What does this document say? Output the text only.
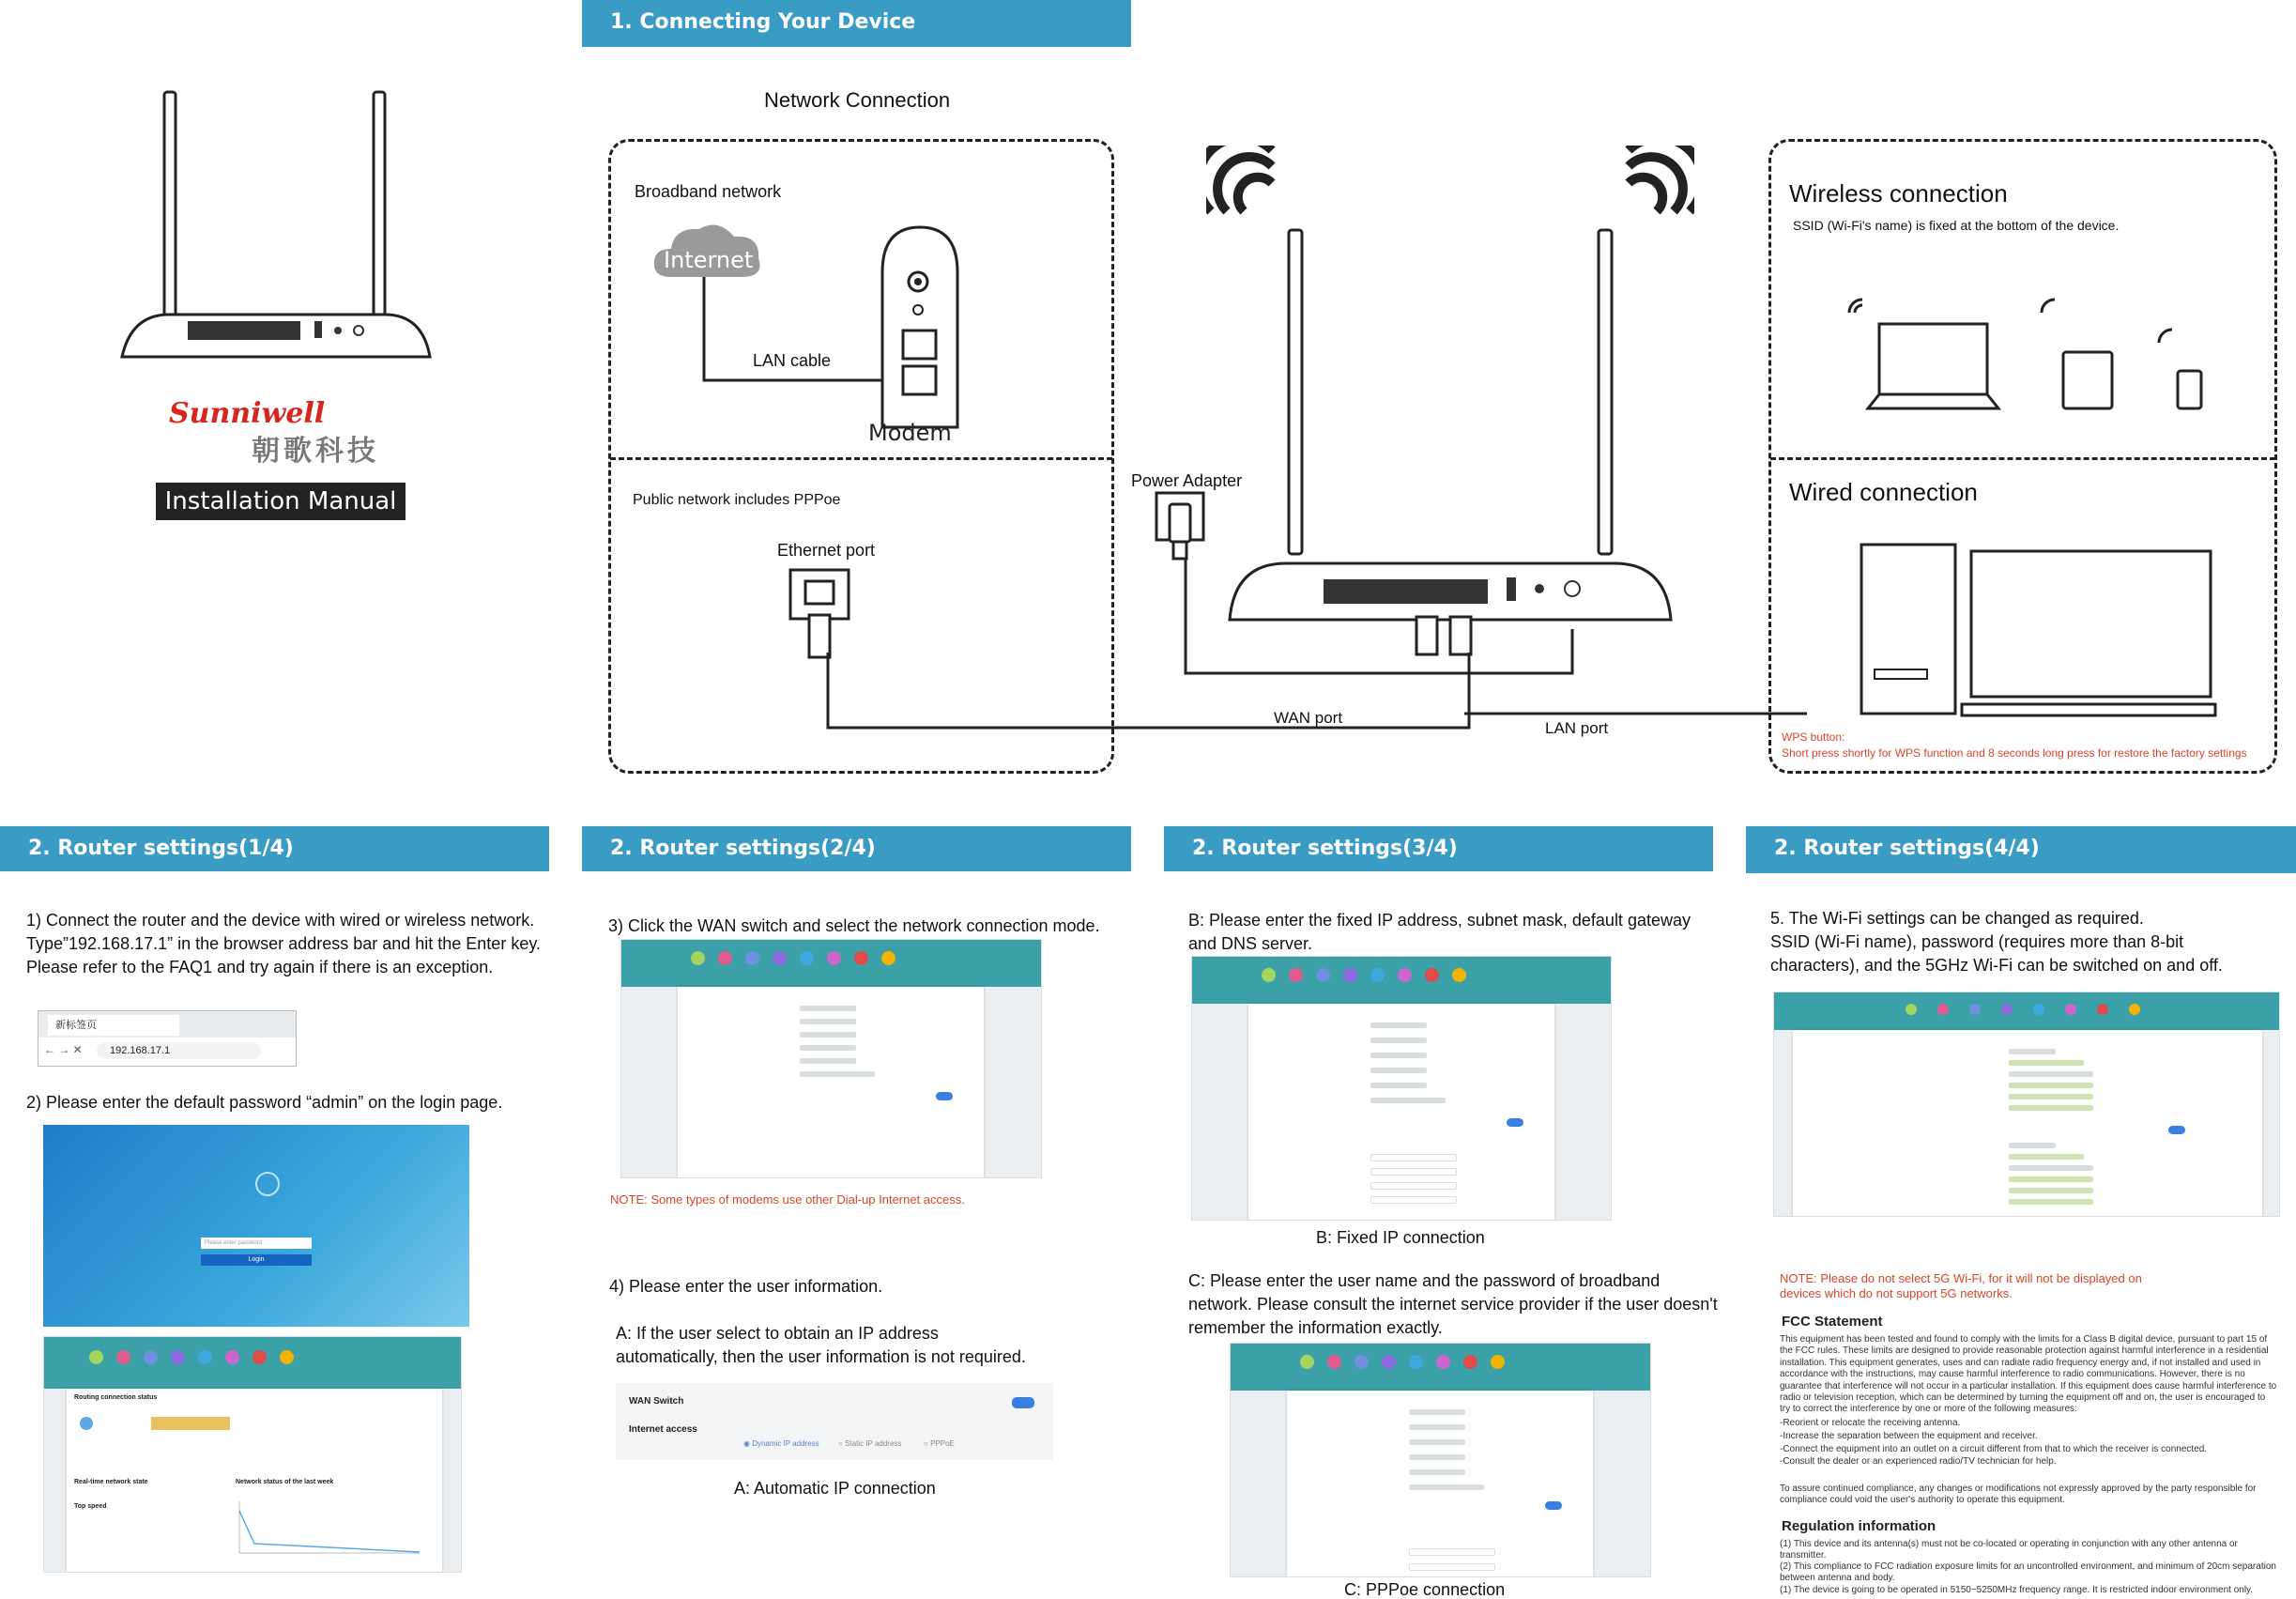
Sunniwell
朝歌科技
Installation Manual
1. Connecting Your Device
Network Connection
Broadband network
Internet
LAN cable
Modem
Public network includes PPPoe
Ethernet port
Power Adapter
WAN port
LAN port
Wireless connection
SSID (Wi-Fi's name) is fixed at the bottom of the device.
Wired connection
WPS button:
Short press shortly for WPS function and 8 seconds long press for restore the factory settings
2. Router settings(1/4)	2. Router settings(2/4)	2. Router settings(3/4)	2. Router settings(4/4)
1) Connect the router and the device with wired or wireless network.
Type”192.168.17.1” in the browser address bar and hit the Enter key.
Please refer to the FAQ1 and try again if there is an exception.
新标签页
← → ✕	192.168.17.1
2) Please enter the default password “admin” on the login page.
Please enter password
Login
Routing connection status
Real-time network state
Top speed
Network status of the last week
3) Click the WAN switch and select the network connection mode.
NOTE: Some types of modems use other Dial-up Internet access.
4) Please enter the user information.
A: If the user select to obtain an IP address
automatically, then the user information is not required.
WAN Switch
Internet access
◉ Dynamic IP address	○ Static IP address	○ PPPoE
A: Automatic IP connection
B: Please enter the fixed IP address, subnet mask, default gateway
and DNS server.
B: Fixed IP connection
C: Please enter the user name and the password of broadband
network. Please consult the internet service provider if the user doesn't
remember the information exactly.
C: PPPoe connection
5. The Wi-Fi settings can be changed as required.
SSID (Wi-Fi name), password (requires more than 8-bit
characters), and the 5GHz Wi-Fi can be switched on and off.
NOTE: Please do not select 5G Wi-Fi, for it will not be displayed on
devices which do not support 5G networks.
FCC Statement
This equipment has been tested and found to comply with the limits for a Class B digital device, pursuant to part 15 of the FCC rules. These limits are designed to provide reasonable protection against harmful interference in a residential installation. This equipment generates, uses and can radiate radio frequency energy and, if not installed and used in accordance with the instructions, may cause harmful interference to radio communications. However, there is no guarantee that interference will not occur in a particular installation. If this equipment does cause harmful interference to radio or television reception, which can be determined by turning the equipment off and on, the user is encouraged to try to correct the interference by one or more of the following measures:
-Reorient or relocate the receiving antenna.
-Increase the separation between the equipment and receiver.
-Connect the equipment into an outlet on a circuit different from that to which the receiver is connected.
-Consult the dealer or an experienced radio/TV technician for help.
To assure continued compliance, any changes or modifications not expressly approved by the party responsible for compliance could void the user's authority to operate this equipment.
Regulation information
(1) This device and its antenna(s) must not be co-located or operating in conjunction with any other antenna or transmitter.
(2) This compliance to FCC radiation exposure limits for an uncontrolled environment, and minimum of 20cm separation between antenna and body.
(1) The device is going to be operated in 5150~5250MHz frequency range. It is restricted indoor environment only.
